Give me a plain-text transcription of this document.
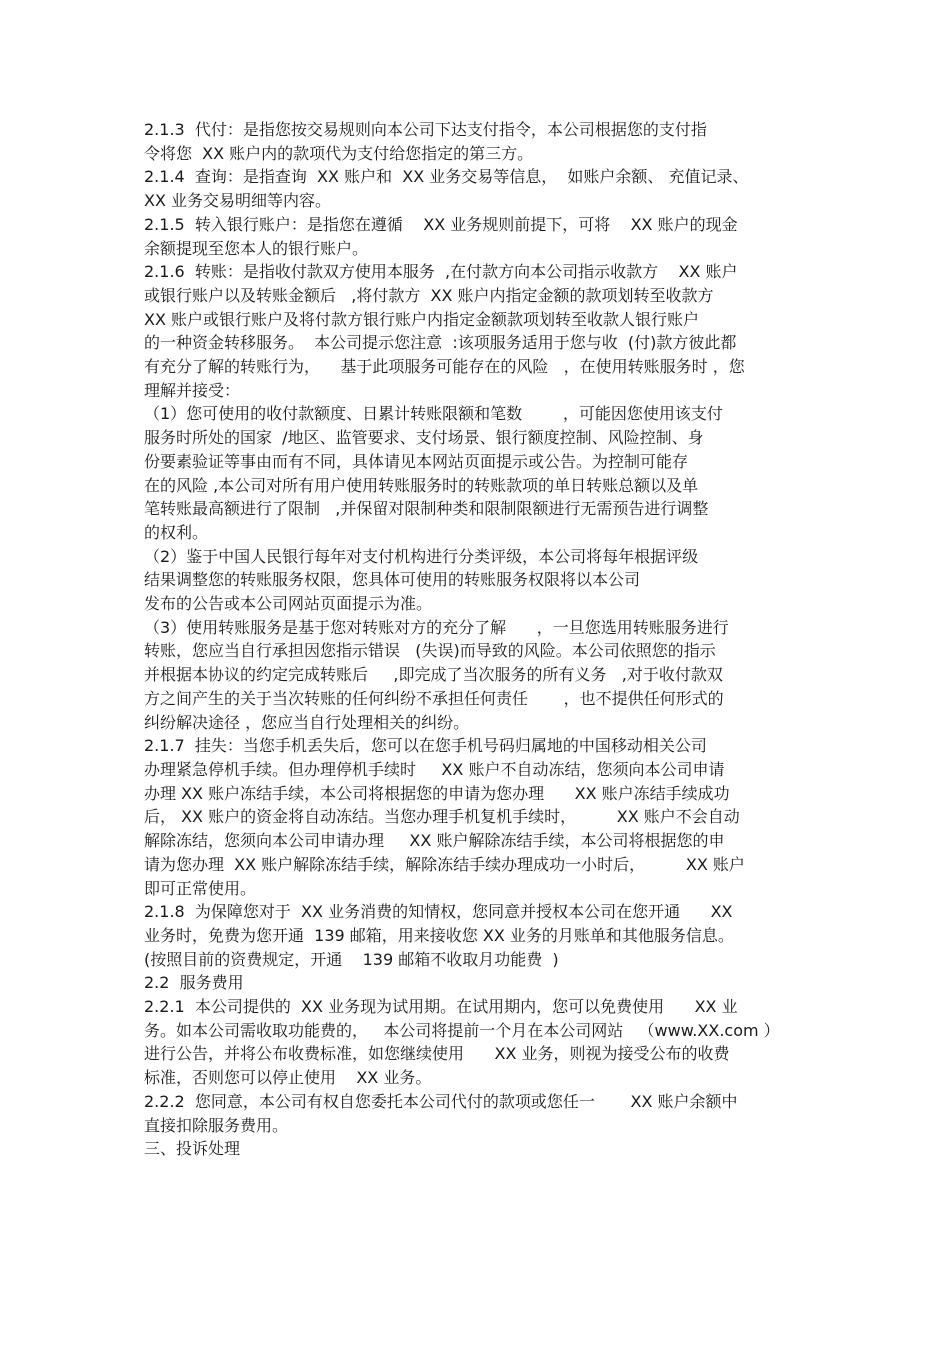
2.1.3  代付：是指您按交易规则向本公司下达支付指令，本公司根据您的支付指
令将您  XX 账户内的款项代为支付给您指定的第三方。
2.1.4  查询：是指查询  XX 账户和  XX 业务交易等信息，  如账户余额、 充值记录、
XX 业务交易明细等内容。
2.1.5  转入银行账户：是指您在遵循    XX 业务规则前提下，可将    XX 账户的现金
余额提现至您本人的银行账户。
2.1.6  转账：是指收付款双方使用本服务  ,在付款方向本公司指示收款方    XX 账户
或银行账户以及转账金额后   ,将付款方  XX 账户内指定金额的款项划转至收款方
XX 账户或银行账户及将付款方银行账户内指定金额款项划转至收款人银行账户
的一种资金转移服务。  本公司提示您注意  :该项服务适用于您与收  (付)款方彼此都
有充分了解的转账行为，    基于此项服务可能存在的风险   ，在使用转账服务时 ，您
理解并接受：
（1）您可使用的收付款额度、日累计转账限额和笔数        ，可能因您使用该支付
服务时所处的国家  /地区、监管要求、支付场景、银行额度控制、风险控制、身
份要素验证等事由而有不同，具体请见本网站页面提示或公告。为控制可能存
在的风险 ,本公司对所有用户使用转账服务时的转账款项的单日转账总额以及单
笔转账最高额进行了限制   ,并保留对限制种类和限制限额进行无需预告进行调整
的权利。
（2）鉴于中国人民银行每年对支付机构进行分类评级，本公司将每年根据评级
结果调整您的转账服务权限，您具体可使用的转账服务权限将以本公司
发布的公告或本公司网站页面提示为准。
（3）使用转账服务是基于您对转账对方的充分了解      ，一旦您选用转账服务进行
转账，您应当自行承担因您指示错误   (失误)而导致的风险。本公司依照您的指示
并根据本协议的约定完成转账后     ,即完成了当次服务的所有义务   ,对于收付款双
方之间产生的关于当次转账的任何纠纷不承担任何责任       ，也不提供任何形式的
纠纷解决途径 ，您应当自行处理相关的纠纷。
2.1.7  挂失：当您手机丢失后，您可以在您手机号码归属地的中国移动相关公司
办理紧急停机手续。但办理停机手续时     XX 账户不自动冻结，您须向本公司申请
办理 XX 账户冻结手续，本公司将根据您的申请为您办理      XX 账户冻结手续成功
后， XX 账户的资金将自动冻结。当您办理手机复机手续时，        XX 账户不会自动
解除冻结，您须向本公司申请办理     XX 账户解除冻结手续，本公司将根据您的申
请为您办理  XX 账户解除冻结手续，解除冻结手续办理成功一小时后，        XX 账户
即可正常使用。
2.1.8  为保障您对于  XX 业务消费的知情权，您同意并授权本公司在您开通      XX
业务时，免费为您开通  139 邮箱，用来接收您 XX 业务的月账单和其他服务信息。
(按照目前的资费规定，开通    139 邮箱不收取月功能费  )
2.2  服务费用
2.2.1  本公司提供的  XX 业务现为试用期。在试用期内，您可以免费使用      XX 业
务。如本公司需收取功能费的，   本公司将提前一个月在本公司网站   （www.XX.com ）
进行公告，并将公布收费标准，如您继续使用      XX 业务，则视为接受公布的收费
标准，否则您可以停止使用    XX 业务。
2.2.2  您同意，本公司有权自您委托本公司代付的款项或您任一       XX 账户余额中
直接扣除服务费用。
三、投诉处理
